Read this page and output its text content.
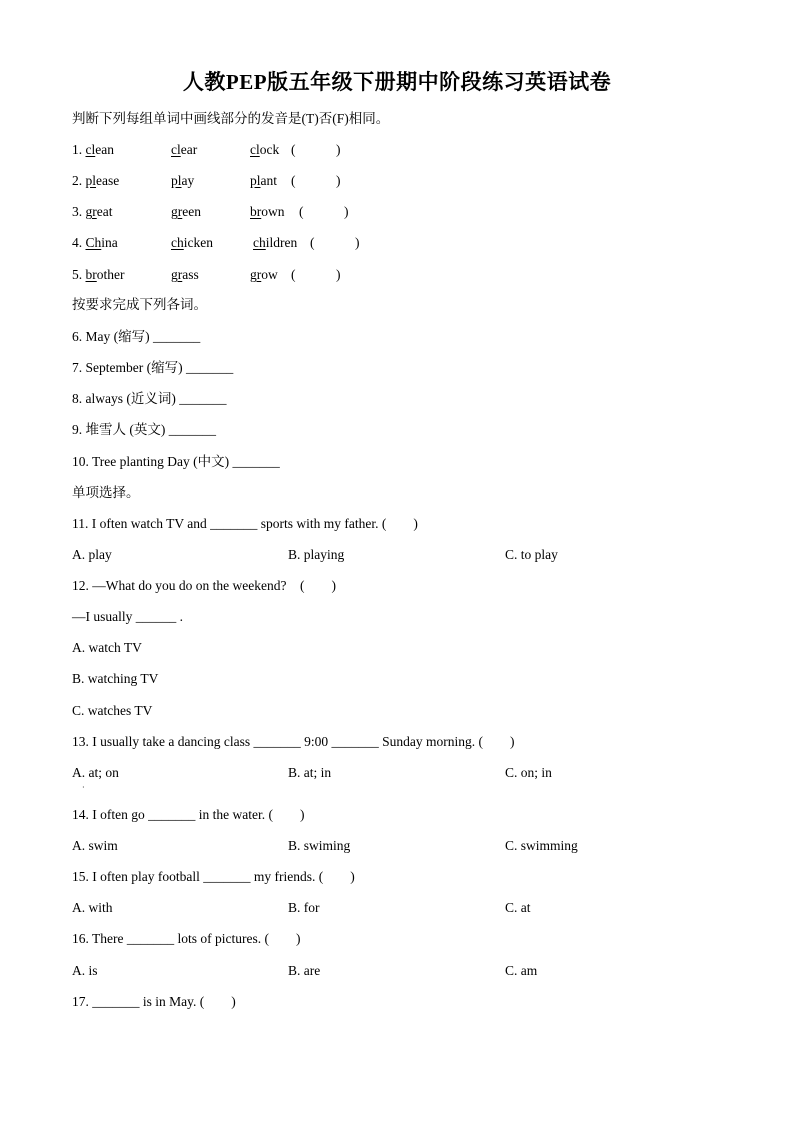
人教PEP版五年级下册期中阶段练习英语试卷
判断下列每组单词中画线部分的发音是(T)否(F)相同。
1. clean	clear	clock (　　　)
2. please	play	plant (　　　)
3. great	green	brown (　　　)
4. China	chicken	children (　　　)
5. brother	grass	grow (　　　)
按要求完成下列各词。
6. May (缩写) _______
7. September (缩写) _______
8. always (近义词) _______
9. 堆雪人 (英文) _______
10. Tree planting Day (中文) _______
单项选择。
11. I often watch TV and _______ sports with my father. (　　)
A. play	B. playing	C. to play
12. —What do you do on the weekend?　(　　)
—I usually ______ .
A. watch TV
B. watching TV
C. watches TV
13. I usually take a dancing class _______ 9:00 _______ Sunday morning. (　　)
A. at; on	B. at; in	C. on; in
·
14. I often go _______ in the water. (　　)
A. swim	B. swiming	C. swimming
15. I often play football _______ my friends. (　　)
A. with	B. for	C. at
16. There _______ lots of pictures. (　　)
A. is	B. are	C. am
17. _______ is in May. (　　)
